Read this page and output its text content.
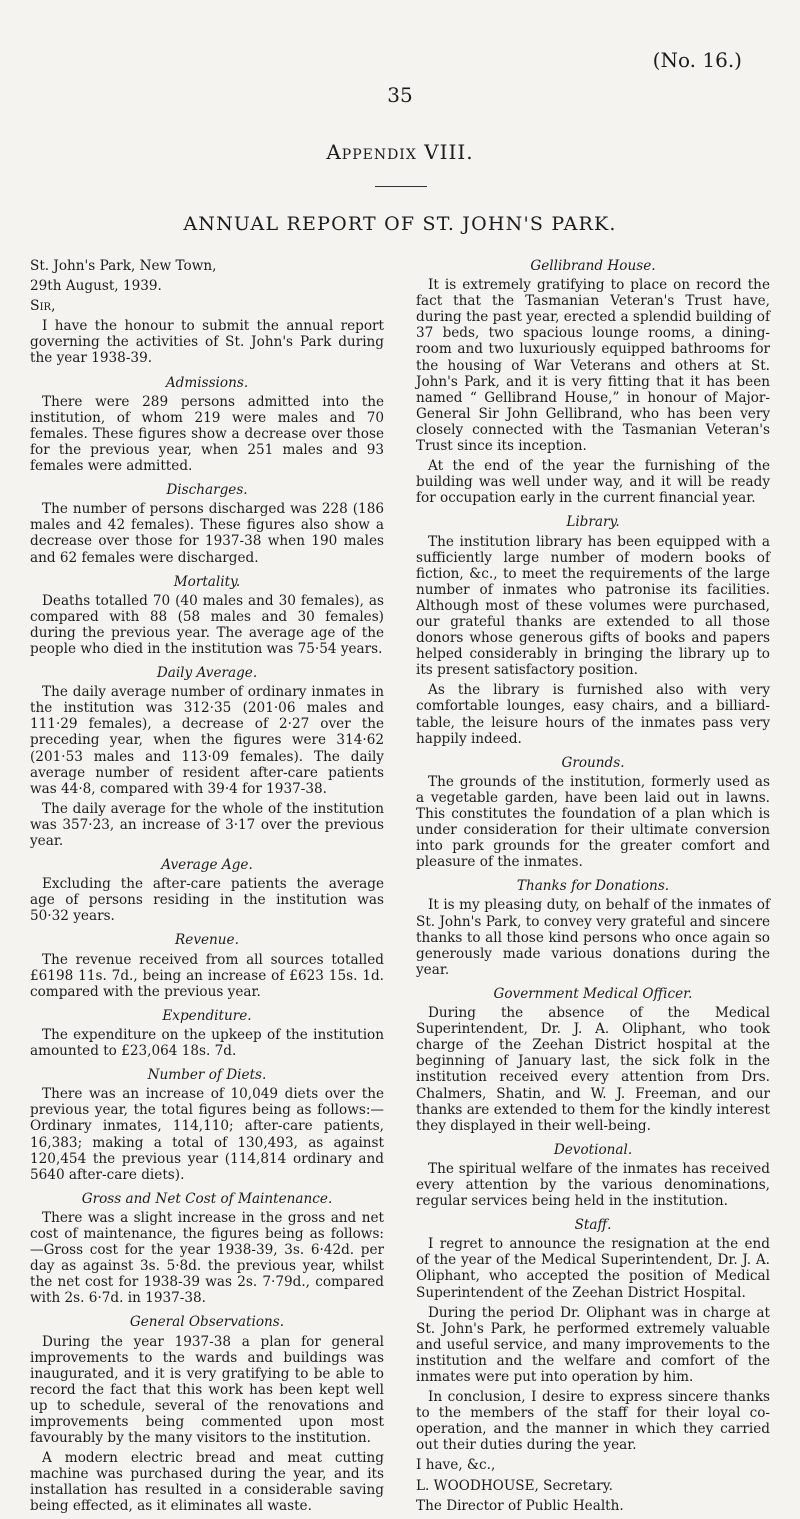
(No. 16.)
35
Appendix VIII.
ANNUAL REPORT OF ST. JOHN'S PARK.

St. John's Park, New Town,

29th August, 1939.

Sir,

I have the honour to submit the annual report governing the activities of St. John's Park during the year 1938-39.

Admissions.

There were 289 persons admitted into the institution, of whom 219 were males and 70 females. These figures show a decrease over those for the previous year, when 251 males and 93 females were admitted.

Discharges.

The number of persons discharged was 228 (186 males and 42 females). These figures also show a decrease over those for 1937-38 when 190 males and 62 females were discharged.

Mortality.

Deaths totalled 70 (40 males and 30 females), as compared with 88 (58 males and 30 females) during the previous year. The average age of the people who died in the institution was 75·54 years.

Daily Average.

The daily average number of ordinary inmates in the institution was 312·35 (201·06 males and 111·29 females), a decrease of 2·27 over the preceding year, when the figures were 314·62 (201·53 males and 113·09 females). The daily average number of resident after-care patients was 44·8, compared with 39·4 for 1937-38.

The daily average for the whole of the institution was 357·23, an increase of 3·17 over the previous year.

Average Age.

Excluding the after-care patients the average age of persons residing in the institution was 50·32 years.

Revenue.

The revenue received from all sources totalled £6198 11s. 7d., being an increase of £623 15s. 1d. compared with the previous year.

Expenditure.

The expenditure on the upkeep of the institution amounted to £23,064 18s. 7d.

Number of Diets.

There was an increase of 10,049 diets over the previous year, the total figures being as follows:—Ordinary inmates, 114,110; after-care patients, 16,383; making a total of 130,493, as against 120,454 the previous year (114,814 ordinary and 5640 after-care diets).

Gross and Net Cost of Maintenance.

There was a slight increase in the gross and net cost of maintenance, the figures being as follows:—Gross cost for the year 1938-39, 3s. 6·42d. per day as against 3s. 5·8d. the previous year, whilst the net cost for 1938-39 was 2s. 7·79d., compared with 2s. 6·7d. in 1937-38.

General Observations.

During the year 1937-38 a plan for general improvements to the wards and buildings was inaugurated, and it is very gratifying to be able to record the fact that this work has been kept well up to schedule, several of the renovations and improvements being commented upon most favourably by the many visitors to the institution.

A modern electric bread and meat cutting machine was purchased during the year, and its installation has resulted in a considerable saving being effected, as it eliminates all waste.

Gellibrand House.

It is extremely gratifying to place on record the fact that the Tasmanian Veteran's Trust have, during the past year, erected a splendid building of 37 beds, two spacious lounge rooms, a dining-room and two luxuriously equipped bathrooms for the housing of War Veterans and others at St. John's Park, and it is very fitting that it has been named “ Gellibrand House,” in honour of Major-General Sir John Gellibrand, who has been very closely connected with the Tasmanian Veteran's Trust since its inception.

At the end of the year the furnishing of the building was well under way, and it will be ready for occupation early in the current financial year.

Library.

The institution library has been equipped with a sufficiently large number of modern books of fiction, &c., to meet the requirements of the large number of inmates who patronise its facilities. Although most of these volumes were purchased, our grateful thanks are extended to all those donors whose generous gifts of books and papers helped considerably in bringing the library up to its present satisfactory position.

As the library is furnished also with very comfortable lounges, easy chairs, and a billiard-table, the leisure hours of the inmates pass very happily indeed.

Grounds.

The grounds of the institution, formerly used as a vegetable garden, have been laid out in lawns. This constitutes the foundation of a plan which is under consideration for their ultimate conversion into park grounds for the greater comfort and pleasure of the inmates.

Thanks for Donations.

It is my pleasing duty, on behalf of the inmates of St. John's Park, to convey very grateful and sincere thanks to all those kind persons who once again so generously made various donations during the year.

Government Medical Officer.

During the absence of the Medical Superintendent, Dr. J. A. Oliphant, who took charge of the Zeehan District hospital at the beginning of January last, the sick folk in the institution received every attention from Drs. Chalmers, Shatin, and W. J. Freeman, and our thanks are extended to them for the kindly interest they displayed in their well-being.

Devotional.

The spiritual welfare of the inmates has received every attention by the various denominations, regular services being held in the institution.

Staff.

I regret to announce the resignation at the end of the year of the Medical Superintendent, Dr. J. A. Oliphant, who accepted the position of Medical Superintendent of the Zeehan District Hospital.

During the period Dr. Oliphant was in charge at St. John's Park, he performed extremely valuable and useful service, and many improvements to the institution and the welfare and comfort of the inmates were put into operation by him.

In conclusion, I desire to express sincere thanks to the members of the staff for their loyal co-operation, and the manner in which they carried out their duties during the year.

I have, &c.,

L. WOODHOUSE, Secretary.

The Director of Public Health.
